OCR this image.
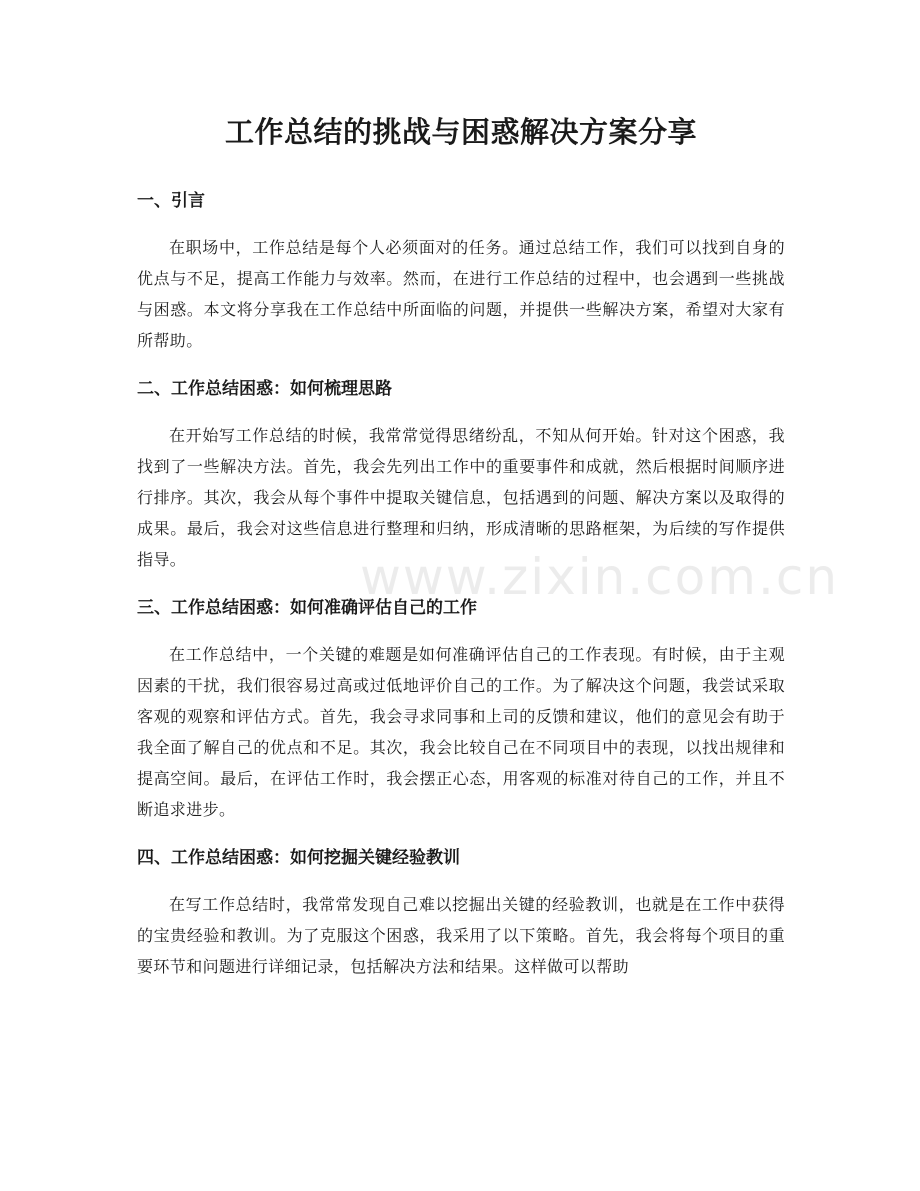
工作总结的挑战与困惑解决方案分享
一、引言

在职场中，工作总结是每个人必须面对的任务。通过总结工作，我们可以找到自身的优点与不足，提高工作能力与效率。然而，在进行工作总结的过程中，也会遇到一些挑战与困惑。本文将分享我在工作总结中所面临的问题，并提供一些解决方案，希望对大家有所帮助。

二、工作总结困惑：如何梳理思路

在开始写工作总结的时候，我常常觉得思绪纷乱，不知从何开始。针对这个困惑，我找到了一些解决方法。首先，我会先列出工作中的重要事件和成就，然后根据时间顺序进行排序。其次，我会从每个事件中提取关键信息，包括遇到的问题、解决方案以及取得的成果。最后，我会对这些信息进行整理和归纳，形成清晰的思路框架，为后续的写作提供指导。

三、工作总结困惑：如何准确评估自己的工作

在工作总结中，一个关键的难题是如何准确评估自己的工作表现。有时候，由于主观因素的干扰，我们很容易过高或过低地评价自己的工作。为了解决这个问题，我尝试采取客观的观察和评估方式。首先，我会寻求同事和上司的反馈和建议，他们的意见会有助于我全面了解自己的优点和不足。其次，我会比较自己在不同项目中的表现，以找出规律和提高空间。最后，在评估工作时，我会摆正心态，用客观的标准对待自己的工作，并且不断追求进步。

四、工作总结困惑：如何挖掘关键经验教训

在写工作总结时，我常常发现自己难以挖掘出关键的经验教训，也就是在工作中获得的宝贵经验和教训。为了克服这个困惑，我采用了以下策略。首先，我会将每个项目的重要环节和问题进行详细记录，包括解决方法和结果。这样做可以帮助

www.zixin.com.cn
